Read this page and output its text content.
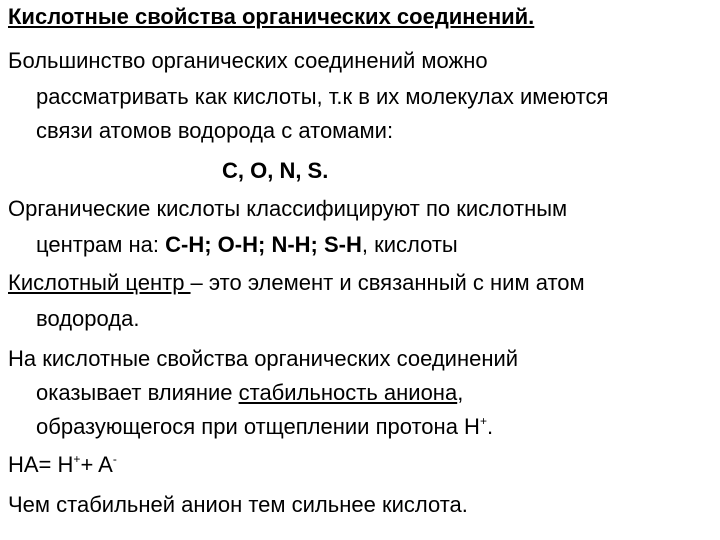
Кислотные свойства органических соединений.
Большинство органических соединений можно
рассматривать как кислоты, т.к в их молекулах имеются
связи атомов водорода с атомами:
C, O, N, S.
Органические кислоты классифицируют по кислотным
центрам на: C-H; O-H; N-H; S-H, кислоты
Кислотный центр – это элемент и связанный с ним атом
водорода.
На кислотные свойства органических соединений
оказывает влияние стабильность аниона,
образующегося при отщеплении протона H+.
HA= H++ A-
Чем стабильней анион тем сильнее кислота.
